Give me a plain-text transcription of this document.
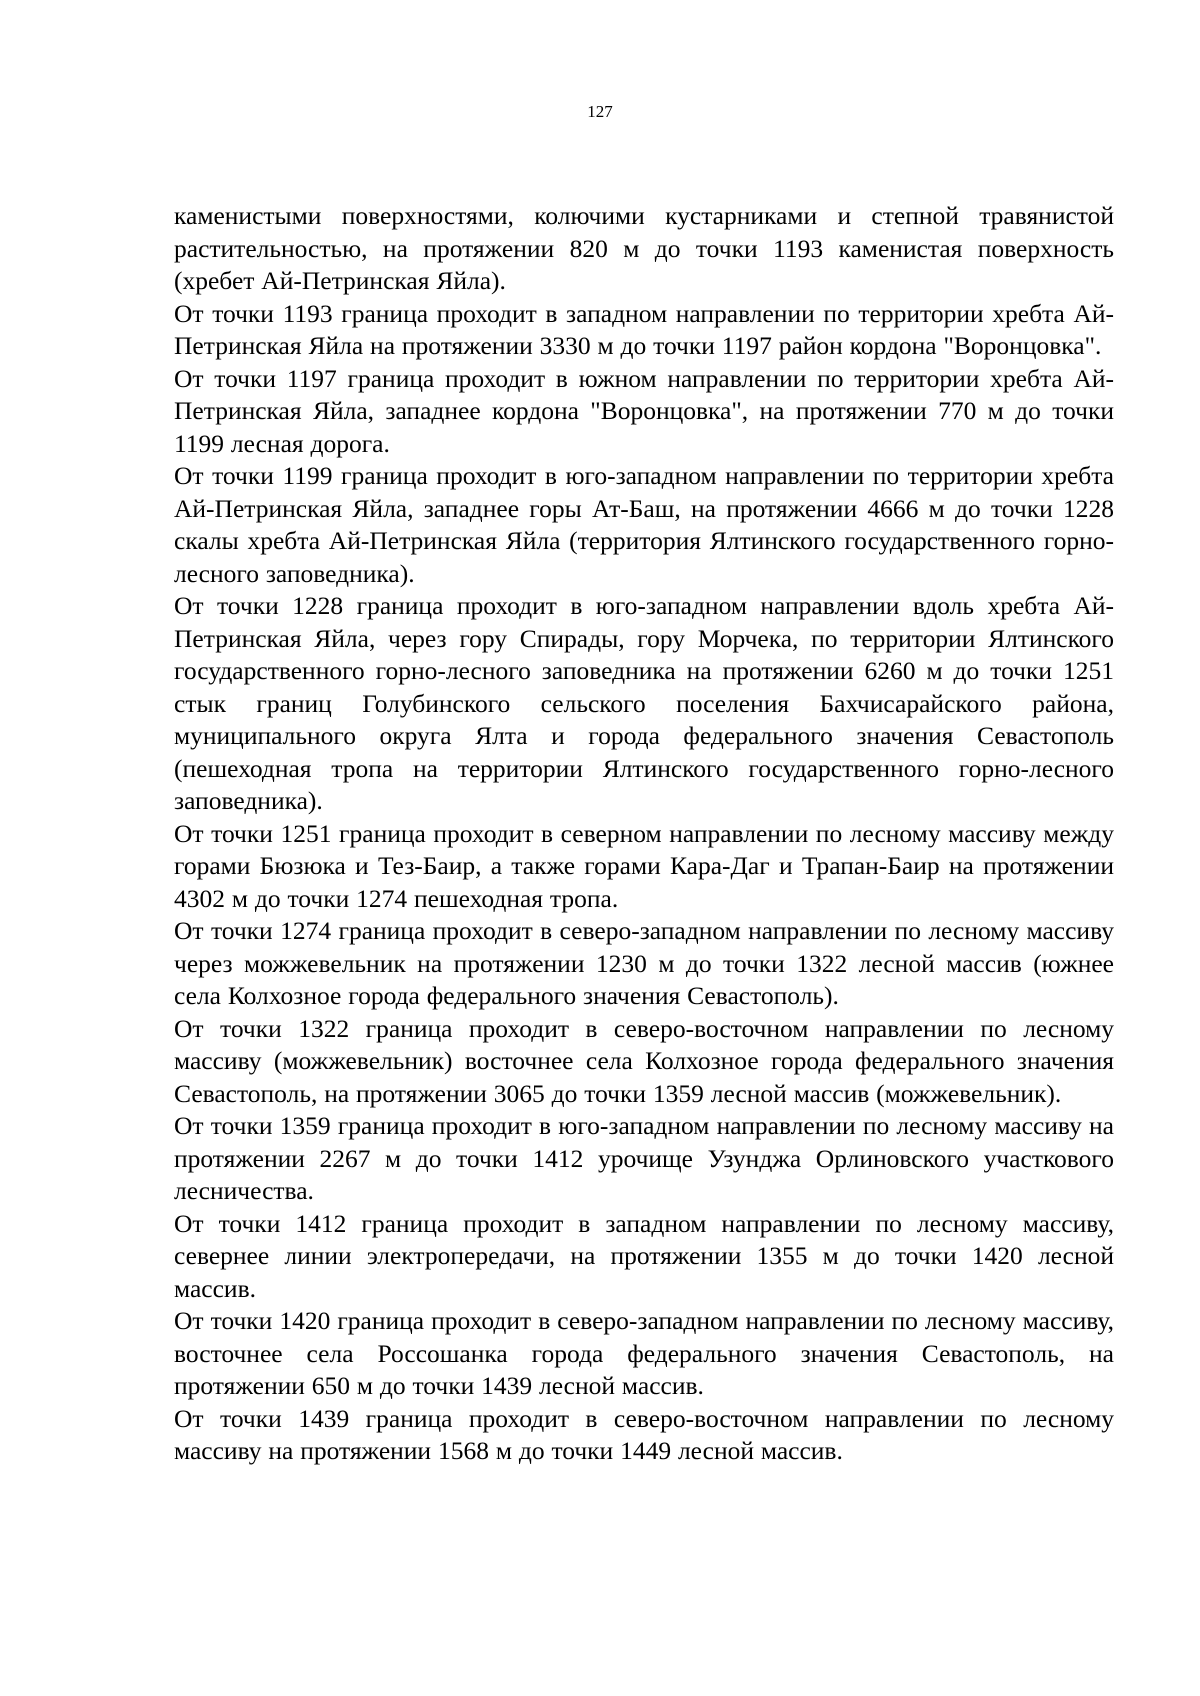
127

каменистыми поверхностями, колючими кустарниками и степной травянистой растительностью, на протяжении 820 м до точки 1193 каменистая поверхность (хребет Ай-Петринская Яйла).

От точки 1193 граница проходит в западном направлении по территории хребта Ай-Петринская Яйла на протяжении 3330 м до точки 1197 район кордона "Воронцовка".

От точки 1197 граница проходит в южном направлении по территории хребта Ай-Петринская Яйла, западнее кордона "Воронцовка", на протяжении 770 м до точки 1199 лесная дорога.

От точки 1199 граница проходит в юго-западном направлении по территории хребта Ай-Петринская Яйла, западнее горы Ат-Баш, на протяжении 4666 м до точки 1228 скалы хребта Ай-Петринская Яйла (территория Ялтинского государственного горно-лесного заповедника).

От точки 1228 граница проходит в юго-западном направлении вдоль хребта Ай-Петринская Яйла, через гору Спирады, гору Морчека, по территории Ялтинского государственного горно-лесного заповедника на протяжении 6260 м до точки 1251 стык границ Голубинского сельского поселения Бахчисарайского района, муниципального округа Ялта и города федерального значения Севастополь (пешеходная тропа на территории Ялтинского государственного горно-лесного заповедника).

От точки 1251 граница проходит в северном направлении по лесному массиву между горами Бюзюка и Тез-Баир, а также горами Кара-Даг и Трапан-Баир на протяжении 4302 м до точки 1274 пешеходная тропа.

От точки 1274 граница проходит в северо-западном направлении по лесному массиву через можжевельник на протяжении 1230 м до точки 1322 лесной массив (южнее села Колхозное города федерального значения Севастополь).

От точки 1322 граница проходит в северо-восточном направлении по лесному массиву (можжевельник) восточнее села Колхозное города федерального значения Севастополь, на протяжении 3065 до точки 1359 лесной массив (можжевельник).

От точки 1359 граница проходит в юго-западном направлении по лесному массиву на протяжении 2267 м до точки 1412 урочище Узунджа Орлиновского участкового лесничества.

От точки 1412 граница проходит в западном направлении по лесному массиву, севернее линии электропередачи, на протяжении 1355 м до точки 1420 лесной массив.

От точки 1420 граница проходит в северо-западном направлении по лесному массиву, восточнее села Россошанка города федерального значения Севастополь, на протяжении 650 м до точки 1439 лесной массив.

От точки 1439 граница проходит в северо-восточном направлении по лесному массиву на протяжении 1568 м до точки 1449 лесной массив.
